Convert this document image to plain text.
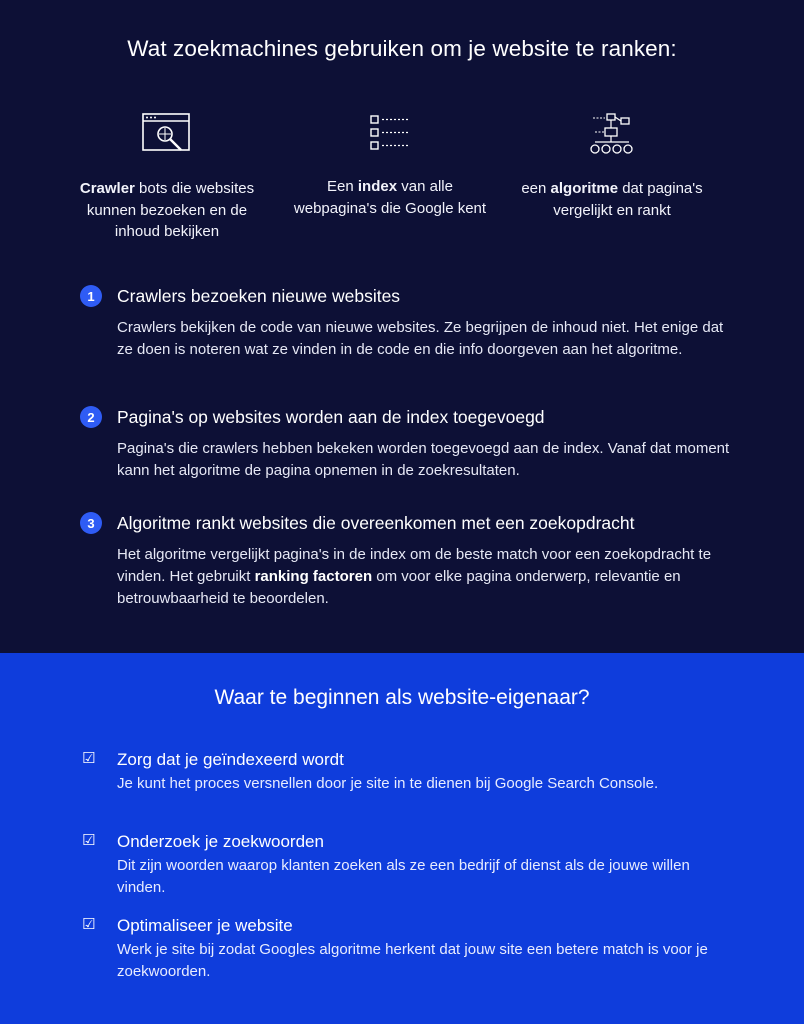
Wat zoekmachines gebruiken om je website te ranken:
Crawler bots die websites kunnen bezoeken en de inhoud bekijken
Een index van alle webpagina's die Google kent
een algoritme dat pagina's vergelijkt en rankt
1	Crawlers bezoeken nieuwe websites

Crawlers bekijken de code van nieuwe websites. Ze begrijpen de inhoud niet. Het enige dat ze doen is noteren wat ze vinden in de code en die info doorgeven aan het algoritme.

2	Pagina's op websites worden aan de index toegevoegd

Pagina's die crawlers hebben bekeken worden toegevoegd aan de index. Vanaf dat moment kann het algoritme de pagina opnemen in de zoekresultaten.

3	Algoritme rankt websites die overeenkomen met een zoekopdracht

Het algoritme vergelijkt pagina's in de index om de beste match voor een zoekopdracht te vinden. Het gebruikt ranking factoren om voor elke pagina onderwerp, relevantie en betrouwbaarheid te beoordelen.

Waar te beginnen als website-eigenaar?
☑ Zorg dat je geïndexeerd wordt

Je kunt het proces versnellen door je site in te dienen bij Google Search Console.

☑ Onderzoek je zoekwoorden

Dit zijn woorden waarop klanten zoeken als ze een bedrijf of dienst als de jouwe willen vinden.

☑ Optimaliseer je website

Werk je site bij zodat Googles algoritme herkent dat jouw site een betere match is voor je zoekwoorden.
